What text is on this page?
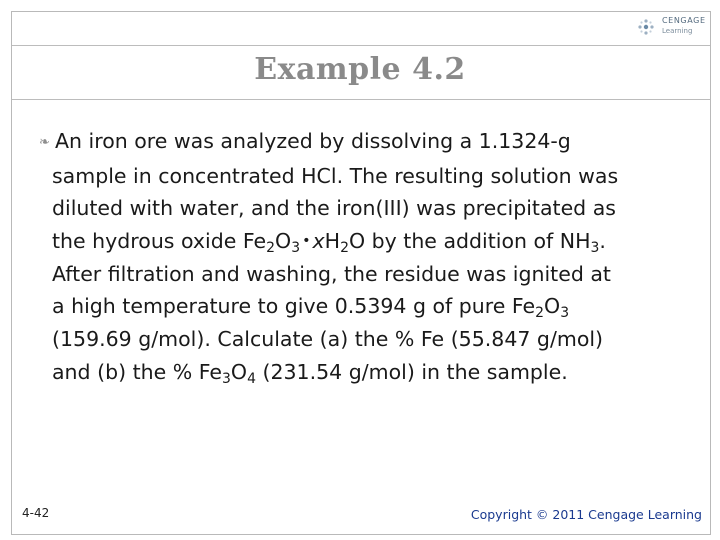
CENGAGE
Learning
Example 4.2
❧ An iron ore was analyzed by dissolving a 1.1324-g
sample in concentrated HCl. The resulting solution was
diluted with water, and the iron(III) was precipitated as
the hydrous oxide $Fe_2O_3$ $•xH_2O$ by the addition of $NH_3$.
After filtration and washing, the residue was ignited at
a high temperature to give 0.5394 g of pure $Fe_2O_3$
(159.69 g/mol). Calculate (a) the % Fe (55.847 g/mol)
and (b) the % $Fe_3O_4$ (231.54 g/mol) in the sample.
4-42	Copyright © 2011 Cengage Learning
